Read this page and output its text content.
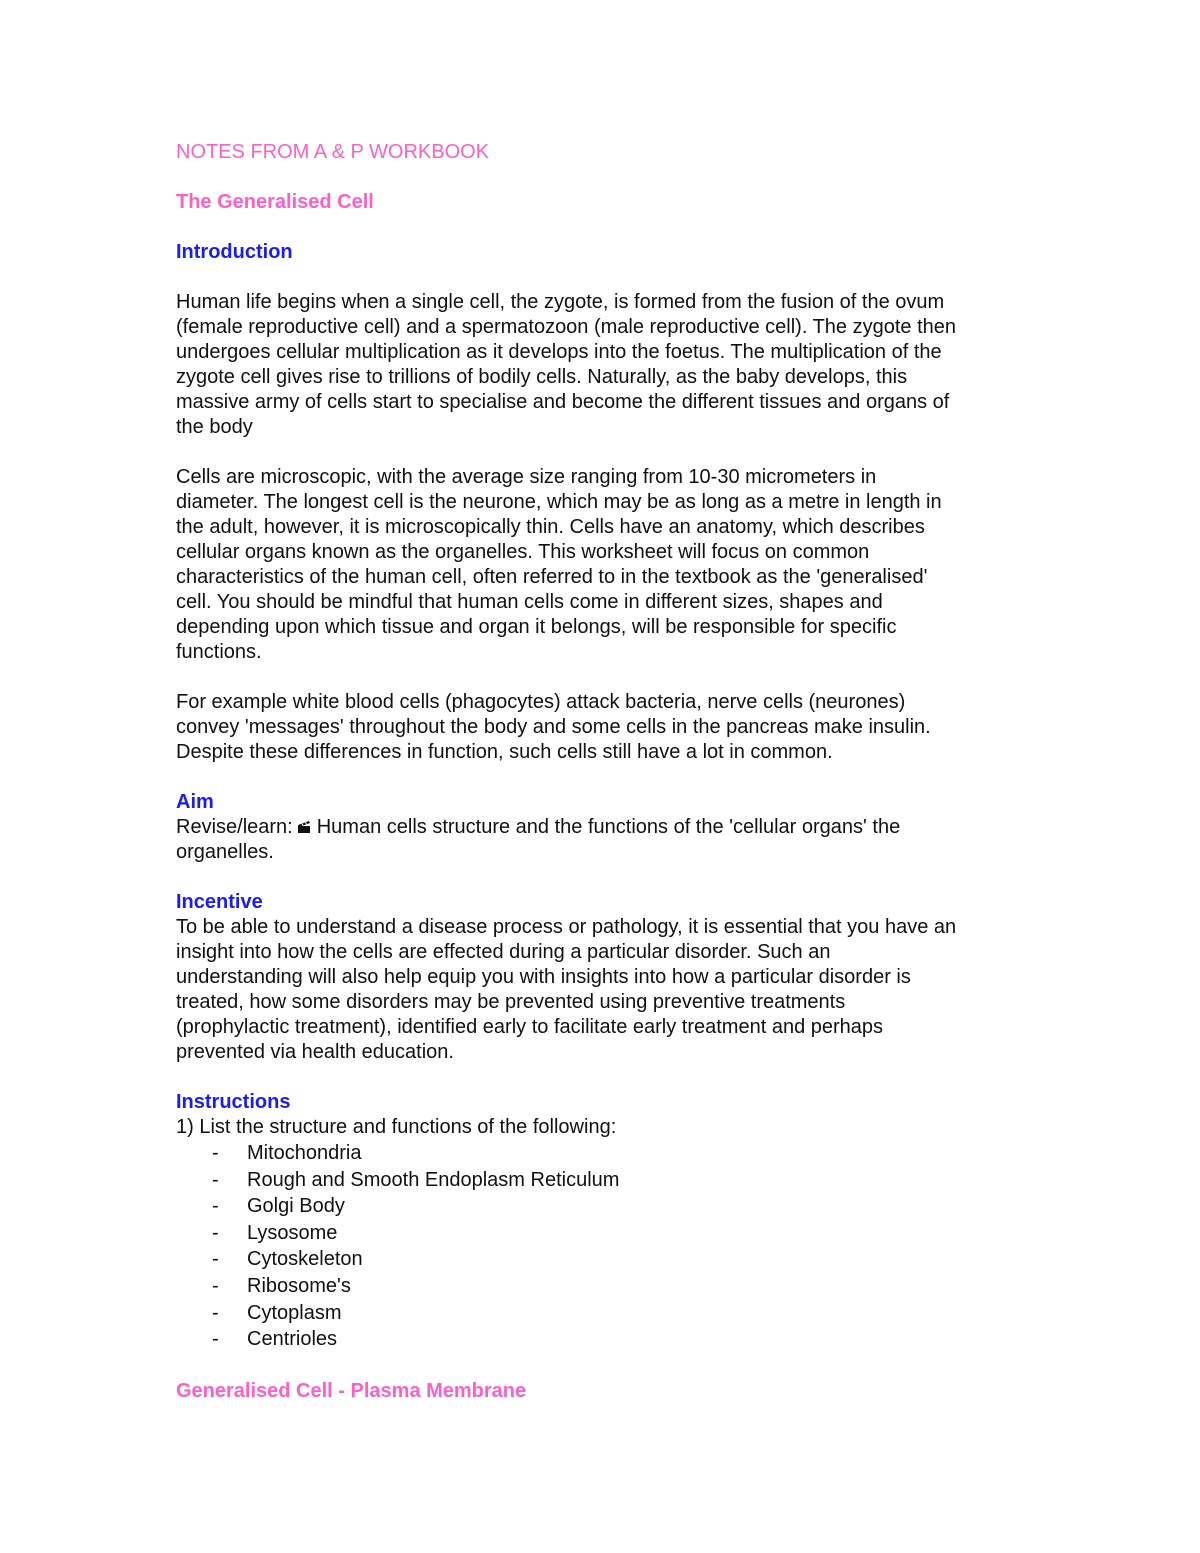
NOTES FROM A & P WORKBOOK

The Generalised Cell

Introduction

Human life begins when a single cell, the zygote, is formed from the fusion of the ovum
(female reproductive cell) and a spermatozoon (male reproductive cell). The zygote then
undergoes cellular multiplication as it develops into the foetus. The multiplication of the
zygote cell gives rise to trillions of bodily cells. Naturally, as the baby develops, this
massive army of cells start to specialise and become the different tissues and organs of
the body

Cells are microscopic, with the average size ranging from 10-30 micrometers in
diameter. The longest cell is the neurone, which may be as long as a metre in length in
the adult, however, it is microscopically thin. Cells have an anatomy, which describes
cellular organs known as the organelles. This worksheet will focus on common
characteristics of the human cell, often referred to in the textbook as the 'generalised'
cell. You should be mindful that human cells come in different sizes, shapes and
depending upon which tissue and organ it belongs, will be responsible for specific
functions.

For example white blood cells (phagocytes) attack bacteria, nerve cells (neurones)
convey 'messages' throughout the body and some cells in the pancreas make insulin.
Despite these differences in function, such cells still have a lot in common.

Aim

Revise/learn: Human cells structure and the functions of the 'cellular organs' the

organelles.

Incentive

To be able to understand a disease process or pathology, it is essential that you have an
insight into how the cells are effected during a particular disorder. Such an
understanding will also help equip you with insights into how a particular disorder is
treated, how some disorders may be prevented using preventive treatments
(prophylactic treatment), identified early to facilitate early treatment and perhaps
prevented via health education.

Instructions

1) List the structure and functions of the following:

- Mitochondria
- Rough and Smooth Endoplasm Reticulum
- Golgi Body
- Lysosome
- Cytoskeleton
- Ribosome's
- Cytoplasm
- Centrioles

Generalised Cell - Plasma Membrane
